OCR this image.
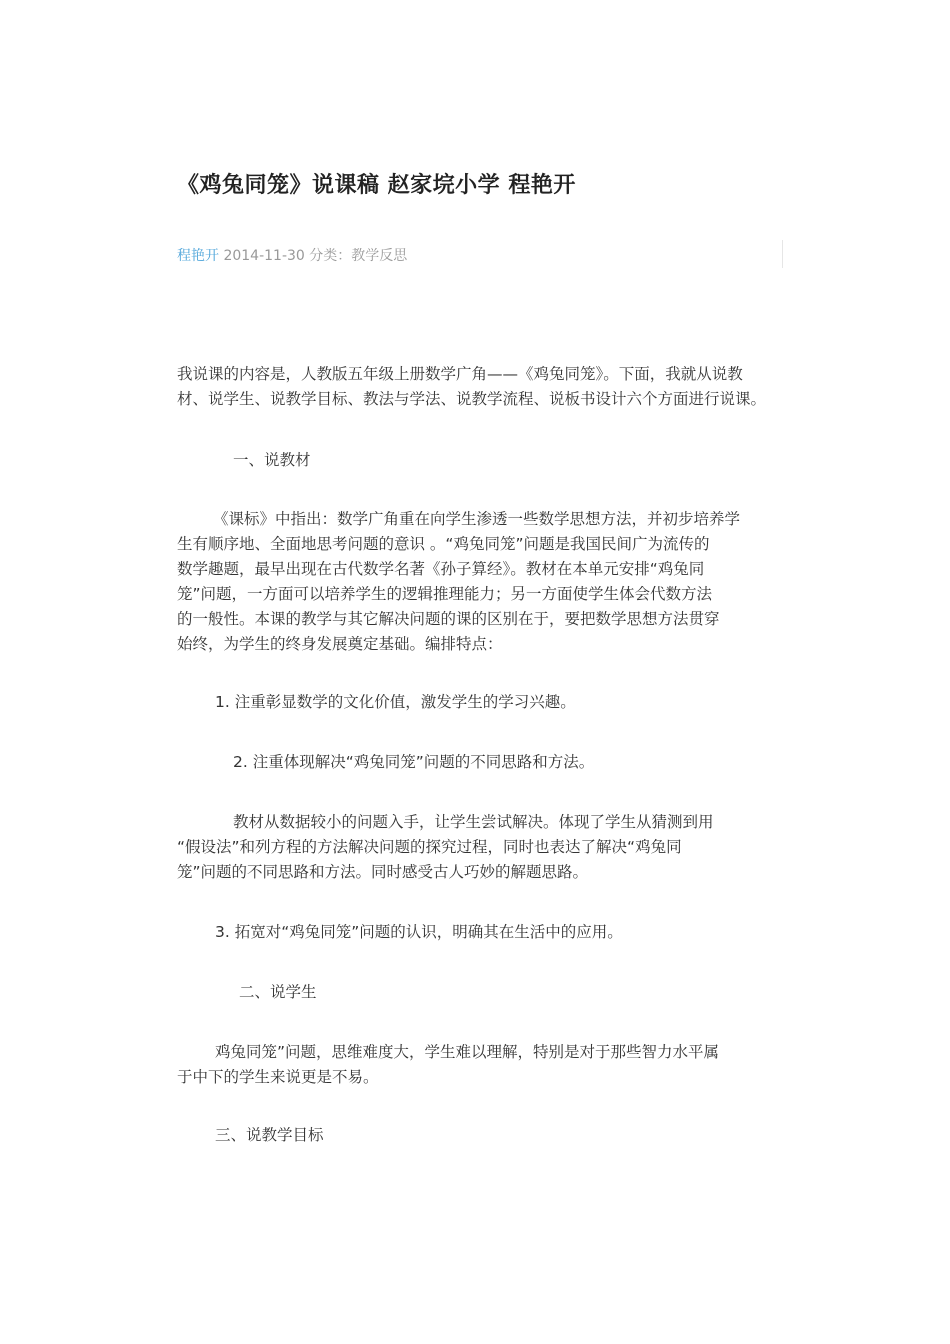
《鸡兔同笼》说课稿 赵家垸小学 程艳开
程艳开 2014-11-30 分类：教学反思
我说课的内容是，人教版五年级上册数学广角——《鸡兔同笼》。下面，我就从说教
材、说学生、说教学目标、教法与学法、说教学流程、说板书设计六个方面进行说课。
一、说教材
《课标》中指出：数学广角重在向学生渗透一些数学思想方法，并初步培养学
生有顺序地、全面地思考问题的意识 。“鸡兔同笼”问题是我国民间广为流传的
数学趣题，最早出现在古代数学名著《孙子算经》。教材在本单元安排“鸡兔同
笼”问题，一方面可以培养学生的逻辑推理能力；另一方面使学生体会代数方法
的一般性。本课的教学与其它解决问题的课的区别在于，要把数学思想方法贯穿
始终，为学生的终身发展奠定基础。编排特点：
1. 注重彰显数学的文化价值，激发学生的学习兴趣。
2. 注重体现解决“鸡兔同笼”问题的不同思路和方法。
教材从数据较小的问题入手，让学生尝试解决。体现了学生从猜测到用
“假设法”和列方程的方法解决问题的探究过程，同时也表达了解决“鸡兔同
笼”问题的不同思路和方法。同时感受古人巧妙的解题思路。
3. 拓宽对“鸡兔同笼”问题的认识，明确其在生活中的应用。
二、说学生
鸡兔同笼”问题，思维难度大，学生难以理解，特别是对于那些智力水平属
于中下的学生来说更是不易。
三、说教学目标
